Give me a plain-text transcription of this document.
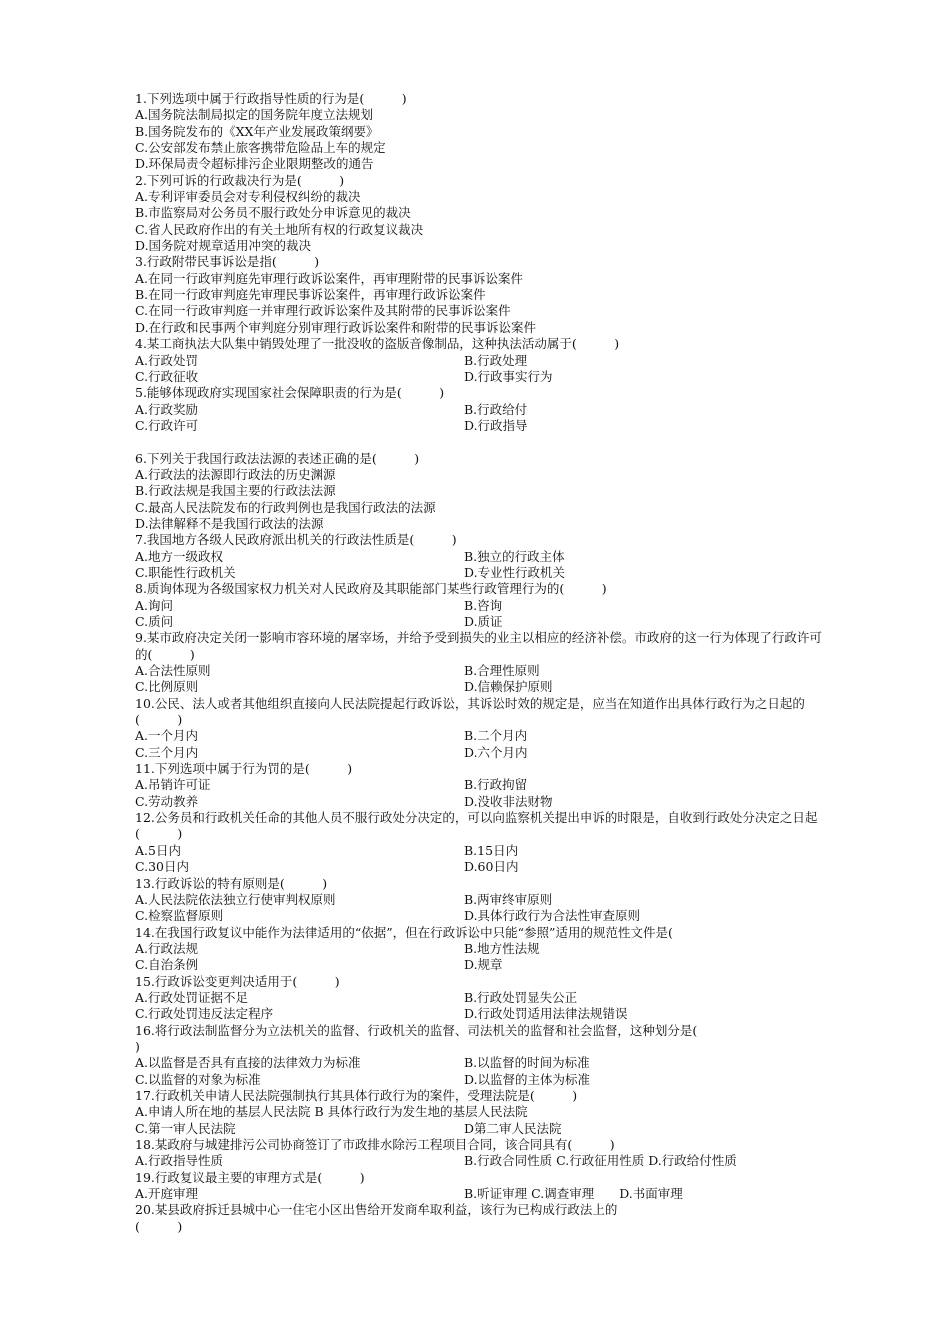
1.下列选项中属于行政指导性质的行为是(　　　)
A.国务院法制局拟定的国务院年度立法规划
B.国务院发布的《XX年产业发展政策纲要》
C.公安部发布禁止旅客携带危险品上车的规定
D.环保局责令超标排污企业限期整改的通告
2.下列可诉的行政裁决行为是(　　　)
A.专利评审委员会对专利侵权纠纷的裁决
B.市监察局对公务员不服行政处分申诉意见的裁决
C.省人民政府作出的有关土地所有权的行政复议裁决
D.国务院对规章适用冲突的裁决
3.行政附带民事诉讼是指(　　　)
A.在同一行政审判庭先审理行政诉讼案件，再审理附带的民事诉讼案件
B.在同一行政审判庭先审理民事诉讼案件，再审理行政诉讼案件
C.在同一行政审判庭一并审理行政诉讼案件及其附带的民事诉讼案件
D.在行政和民事两个审判庭分别审理行政诉讼案件和附带的民事诉讼案件
4.某工商执法大队集中销毁处理了一批没收的盗版音像制品，这种执法活动属于(　　　)
A.行政处罚	B.行政处理
C.行政征收	D.行政事实行为
5.能够体现政府实现国家社会保障职责的行为是(　　　)
A.行政奖励	B.行政给付
C.行政许可	D.行政指导
6.下列关于我国行政法法源的表述正确的是(　　　)
A.行政法的法源即行政法的历史渊源
B.行政法规是我国主要的行政法法源
C.最高人民法院发布的行政判例也是我国行政法的法源
D.法律解释不是我国行政法的法源
7.我国地方各级人民政府派出机关的行政法性质是(　　　)
A.地方一级政权	B.独立的行政主体
C.职能性行政机关	D.专业性行政机关
8.质询体现为各级国家权力机关对人民政府及其职能部门某些行政管理行为的(　　　)
A.询问	B.咨询
C.质问	D.质证
9.某市政府决定关闭一影响市容环境的屠宰场，并给予受到损失的业主以相应的经济补偿。市政府的这一行为体现了行政许可的(　　　)
A.合法性原则	B.合理性原则
C.比例原则	D.信赖保护原则
10.公民、法人或者其他组织直接向人民法院提起行政诉讼，其诉讼时效的规定是，应当在知道作出具体行政行为之日起的(　　　)
A.一个月内	B.二个月内
C.三个月内	D.六个月内
11.下列选项中属于行为罚的是(　　　)
A.吊销许可证	B.行政拘留
C.劳动教养	D.没收非法财物
12.公务员和行政机关任命的其他人员不服行政处分决定的，可以向监察机关提出申诉的时限是，自收到行政处分决定之日起(　　　)
A.5日内	B.15日内
C.30日内	D.60日内
13.行政诉讼的特有原则是(　　　)
A.人民法院依法独立行使审判权原则	B.两审终审原则
C.检察监督原则	D.具体行政行为合法性审查原则
14.在我国行政复议中能作为法律适用的“依据”，但在行政诉讼中只能“参照”适用的规范性文件是(
A.行政法规	B.地方性法规
C.自治条例	D.规章
15.行政诉讼变更判决适用于(　　　)
A.行政处罚证据不足	B.行政处罚显失公正
C.行政处罚违反法定程序	D.行政处罚适用法律法规错误
16.将行政法制监督分为立法机关的监督、行政机关的监督、司法机关的监督和社会监督，这种划分是(
)
A.以监督是否具有直接的法律效力为标准	B.以监督的时间为标准
C.以监督的对象为标准	D.以监督的主体为标准
17.行政机关申请人民法院强制执行其具体行政行为的案件，受理法院是(　　　)
A.申请人所在地的基层人民法院 B 具体行政行为发生地的基层人民法院
C.第一审人民法院	D第二审人民法院
18.某政府与城建排污公司协商签订了市政排水除污工程项目合同，该合同具有(　　　)
A.行政指导性质	B.行政合同性质 C.行政征用性质 D.行政给付性质
19.行政复议最主要的审理方式是(　　　)
A.开庭审理	B.听证审理 C.调查审理　　D.书面审理
20.某县政府拆迁县城中心一住宅小区出售给开发商牟取利益，该行为已构成行政法上的
(　　　)
